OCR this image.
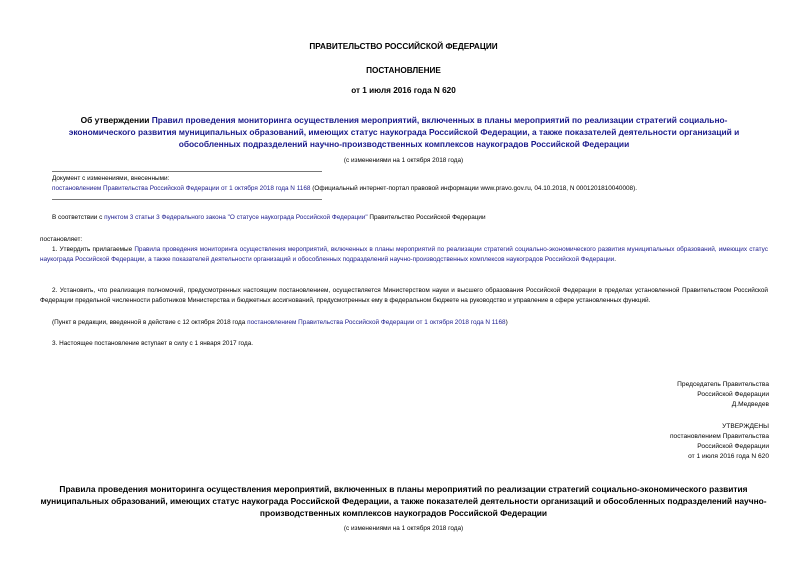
ПРАВИТЕЛЬСТВО РОССИЙСКОЙ ФЕДЕРАЦИИ
ПОСТАНОВЛЕНИЕ
от 1 июля 2016 года N 620
Об утверждении Правил проведения мониторинга осуществления мероприятий, включенных в планы мероприятий по реализации стратегий социально-экономического развития муниципальных образований, имеющих статус наукограда Российской Федерации, а также показателей деятельности организаций и обособленных подразделений научно-производственных комплексов наукоградов Российской Федерации
(с изменениями на 1 октября 2018 года)
Документ с изменениями, внесенными:
постановлением Правительства Российской Федерации от 1 октября 2018 года N 1168 (Официальный интернет-портал правовой информации www.pravo.gov.ru, 04.10.2018, N 0001201810040008).
В соответствии с пунктом 3 статьи 3 Федерального закона "О статусе наукограда Российской Федерации" Правительство Российской Федерации
постановляет:
1. Утвердить прилагаемые Правила проведения мониторинга осуществления мероприятий, включенных в планы мероприятий по реализации стратегий социально-экономического развития муниципальных образований, имеющих статус наукограда Российской Федерации, а также показателей деятельности организаций и обособленных подразделений научно-производственных комплексов наукоградов Российской Федерации.
2. Установить, что реализация полномочий, предусмотренных настоящим постановлением, осуществляется Министерством науки и высшего образования Российской Федерации в пределах установленной Правительством Российской Федерации предельной численности работников Министерства и бюджетных ассигнований, предусмотренных ему в федеральном бюджете на руководство и управление в сфере установленных функций.
(Пункт в редакции, введенной в действие с 12 октября 2018 года постановлением Правительства Российской Федерации от 1 октября 2018 года N 1168)
3. Настоящее постановление вступает в силу с 1 января 2017 года.
Председатель Правительства
Российской Федерации
Д.Медведев
УТВЕРЖДЕНЫ
постановлением Правительства
Российской Федерации
от 1 июля 2016 года N 620
Правила проведения мониторинга осуществления мероприятий, включенных в планы мероприятий по реализации стратегий социально-экономического развития муниципальных образований, имеющих статус наукограда Российской Федерации, а также показателей деятельности организаций и обособленных подразделений научно-производственных комплексов наукоградов Российской Федерации
(с изменениями на 1 октября 2018 года)
